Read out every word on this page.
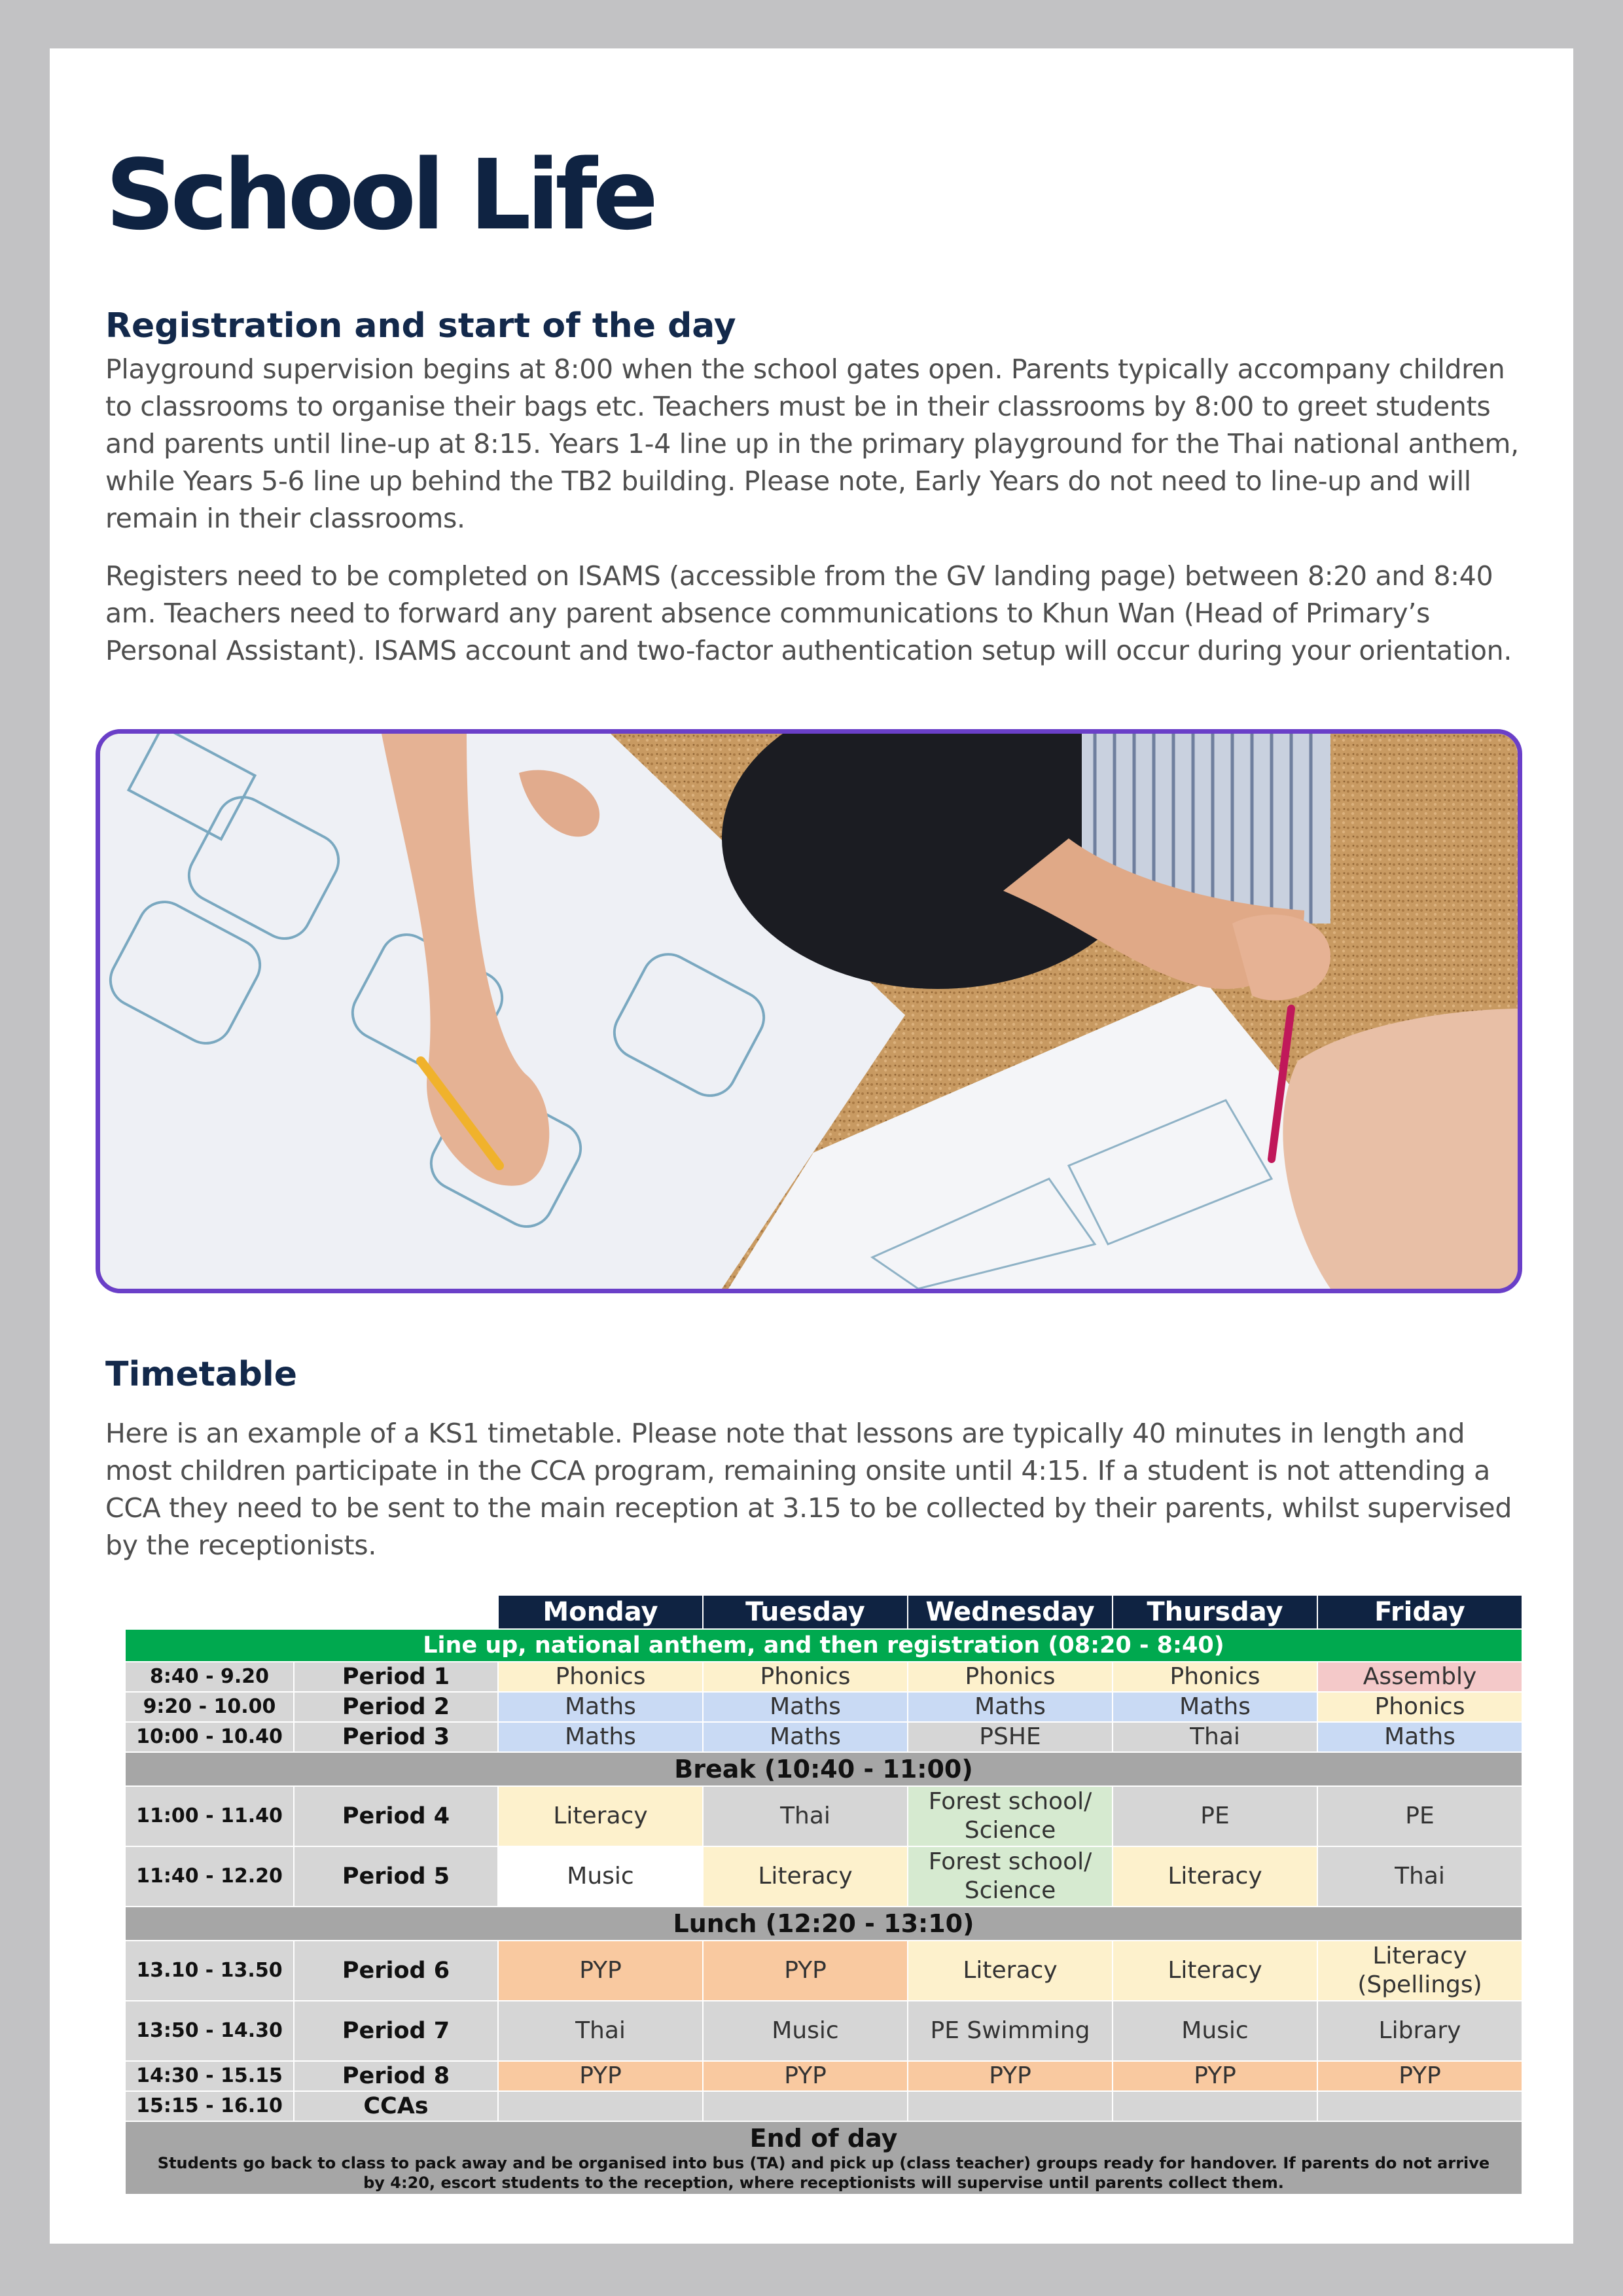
School Life
Registration and start of the day

Playground supervision begins at 8:00 when the school gates open. Parents typically accompany children to classrooms to organise their bags etc. Teachers must be in their classrooms by 8:00 to greet students and parents until line-up at 8:15. Years 1-4 line up in the primary playground for the Thai national anthem, while Years 5-6 line up behind the TB2 building. Please note, Early Years do not need to line-up and will remain in their classrooms.

Registers need to be completed on ISAMS (accessible from the GV landing page) between 8:20 and 8:40 am. Teachers need to forward any parent absence communications to Khun Wan (Head of Primary’s Personal Assistant). ISAMS account and two-factor authentication setup will occur during your orientation.

Timetable

Here is an example of a KS1 timetable. Please note that lessons are typically 40 minutes in length and most children participate in the CCA program, remaining onsite until 4:15. If a student is not attending a CCA they need to be sent to the main reception at 3.15 to be collected by their parents, whilst supervised by the receptionists.

		Monday	Tuesday	Wednesday	Thursday	Friday
Line up, national anthem, and then registration (08:20 - 8:40)						
8:40 - 9.20	Period 1	Phonics	Phonics	Phonics	Phonics	Assembly
9:20 - 10.00	Period 2	Maths	Maths	Maths	Maths	Phonics
10:00 - 10.40	Period 3	Maths	Maths	PSHE	Thai	Maths
Break (10:40 - 11:00)						
11:00 - 11.40	Period 4	Literacy	Thai	Forest school/ Science	PE	PE
11:40 - 12.20	Period 5	Music	Literacy	Forest school/ Science	Literacy	Thai
Lunch (12:20 - 13:10)						
13.10 - 13.50	Period 6	PYP	PYP	Literacy	Literacy	Literacy (Spellings)
13:50 - 14.30	Period 7	Thai	Music	PE Swimming	Music	Library
14:30 - 15.15	Period 8	PYP	PYP	PYP	PYP	PYP
15:15 - 16.10	CCAs					

End of day
Students go back to class to pack away and be organised into bus (TA) and pick up (class teacher) groups ready for handover. If parents do not arrive by 4:20, escort students to the reception, where receptionists will supervise until parents collect them.						
